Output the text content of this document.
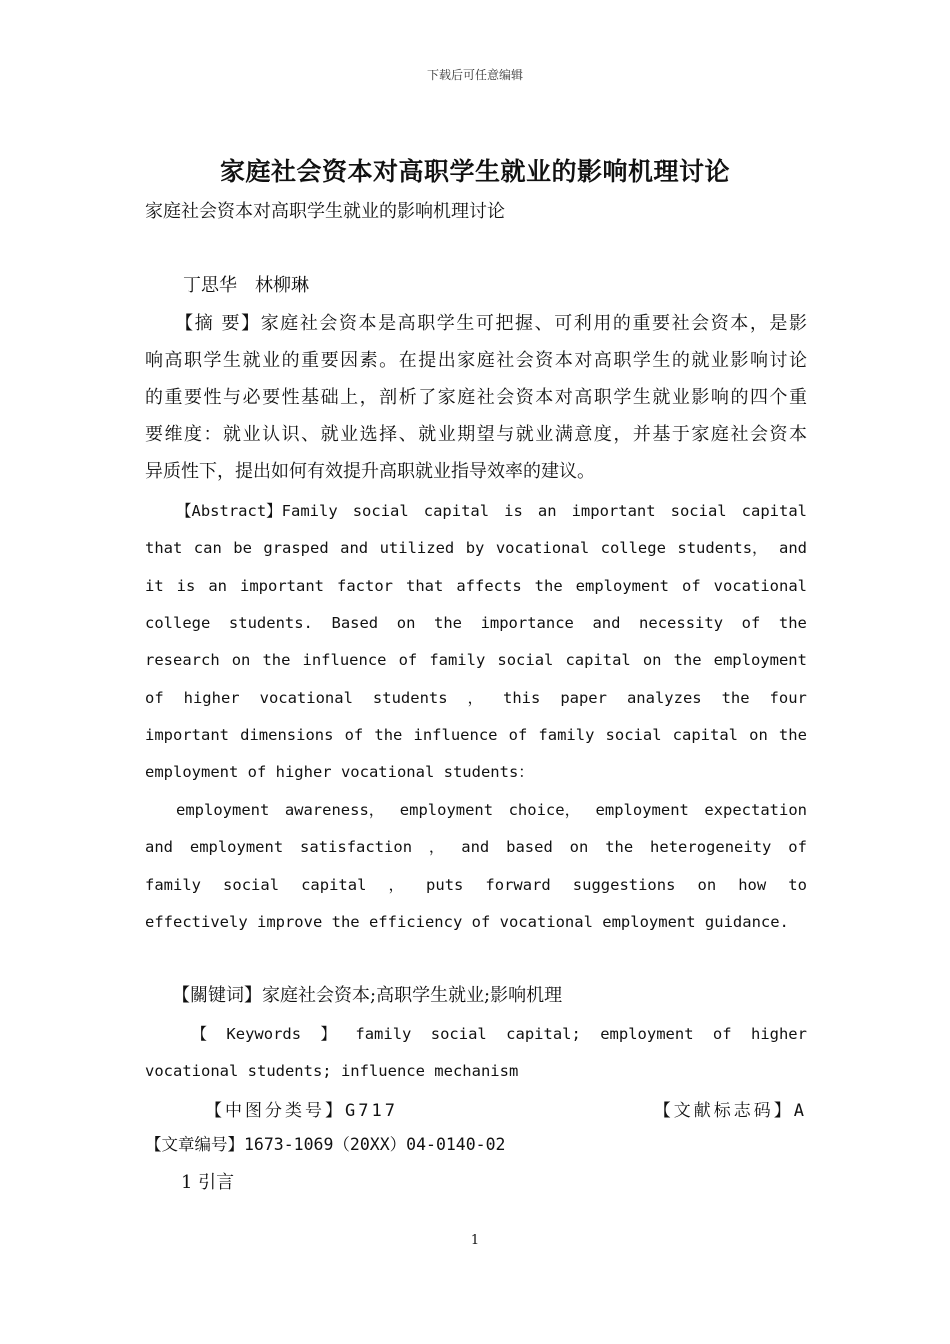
下载后可任意编辑
家庭社会资本对高职学生就业的影响机理讨论
家庭社会资本对高职学生就业的影响机理讨论
丁思华　林柳琳
　　【摘 要】家庭社会资本是高职学生可把握、可利用的重要社会资本，是影
响高职学生就业的重要因素。在提出家庭社会资本对高职学生的就业影响讨论
的重要性与必要性基础上，剖析了家庭社会资本对高职学生就业影响的四个重
要维度：就业认识、就业选择、就业期望与就业满意度，并基于家庭社会资本
异质性下，提出如何有效提升高职就业指导效率的建议。

【Abstract】Family social capital is an important social capital
that can be grasped and utilized by vocational college students， and
it is an important factor that affects the employment of vocational
college students. Based on the importance and necessity of the
research on the influence of family social capital on the employment
of higher vocational students ， this paper analyzes the four
important dimensions of the influence of family social capital on the
employment of higher vocational students：

employment awareness， employment choice， employment expectation
and employment satisfaction ， and based on the heterogeneity of
family social capital ， puts forward suggestions on how to
effectively improve the efficiency of vocational employment guidance.
　　【關键词】家庭社会资本;高职学生就业;影响机理

【 Keywords 】 family social capital; employment of higher
vocational students; influence mechanism
【中图分类号】G717	【文献标志码】A
【文章编号】1673-1069（20XX）04-0140-02
　　1 引言
1
